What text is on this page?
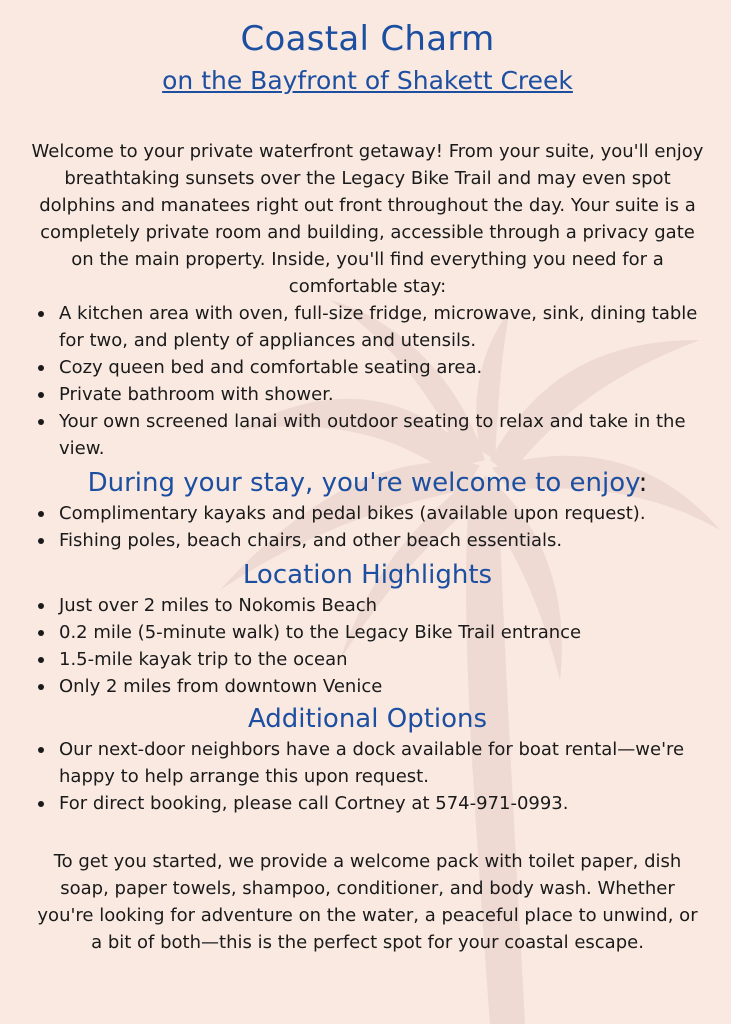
Coastal Charm
on the Bayfront of Shakett Creek
Welcome to your private waterfront getaway! From your suite, you'll enjoy breathtaking sunsets over the Legacy Bike Trail and may even spot dolphins and manatees right out front throughout the day. Your suite is a completely private room and building, accessible through a privacy gate on the main property. Inside, you'll find everything you need for a comfortable stay:
A kitchen area with oven, full-size fridge, microwave, sink, dining table for two, and plenty of appliances and utensils.
Cozy queen bed and comfortable seating area.
Private bathroom with shower.
Your own screened lanai with outdoor seating to relax and take in the view.
During your stay, you're welcome to enjoy:
Complimentary kayaks and pedal bikes (available upon request).
Fishing poles, beach chairs, and other beach essentials.
Location Highlights
Just over 2 miles to Nokomis Beach
0.2 mile (5-minute walk) to the Legacy Bike Trail entrance
1.5-mile kayak trip to the ocean
Only 2 miles from downtown Venice
Additional Options
Our next-door neighbors have a dock available for boat rental—we're happy to help arrange this upon request.
For direct booking, please call Cortney at 574-971-0993.
To get you started, we provide a welcome pack with toilet paper, dish soap, paper towels, shampoo, conditioner, and body wash. Whether you're looking for adventure on the water, a peaceful place to unwind, or a bit of both—this is the perfect spot for your coastal escape.
